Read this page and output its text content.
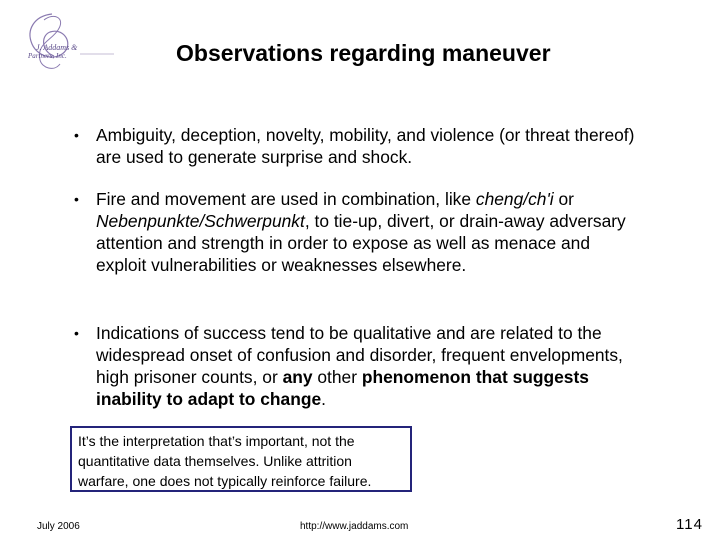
J. Addams &
Partners, Inc.	Observations regarding maneuver
• Ambiguity, deception, novelty, mobility, and violence (or threat thereof) are used to generate surprise and shock.
• Fire and movement are used in combination, like cheng/ch'i or Nebenpunkte/Schwerpunkt, to tie-up, divert, or drain-away adversary attention and strength in order to expose as well as menace and exploit vulnerabilities or weaknesses elsewhere.
• Indications of success tend to be qualitative and are related to the widespread onset of confusion and disorder, frequent envelopments, high prisoner counts, or any other phenomenon that suggests inability to adapt to change.
It’s the interpretation that’s important, not the quantitative data themselves. Unlike attrition warfare, one does not typically reinforce failure.
July 2006	http://www.jaddams.com	114
